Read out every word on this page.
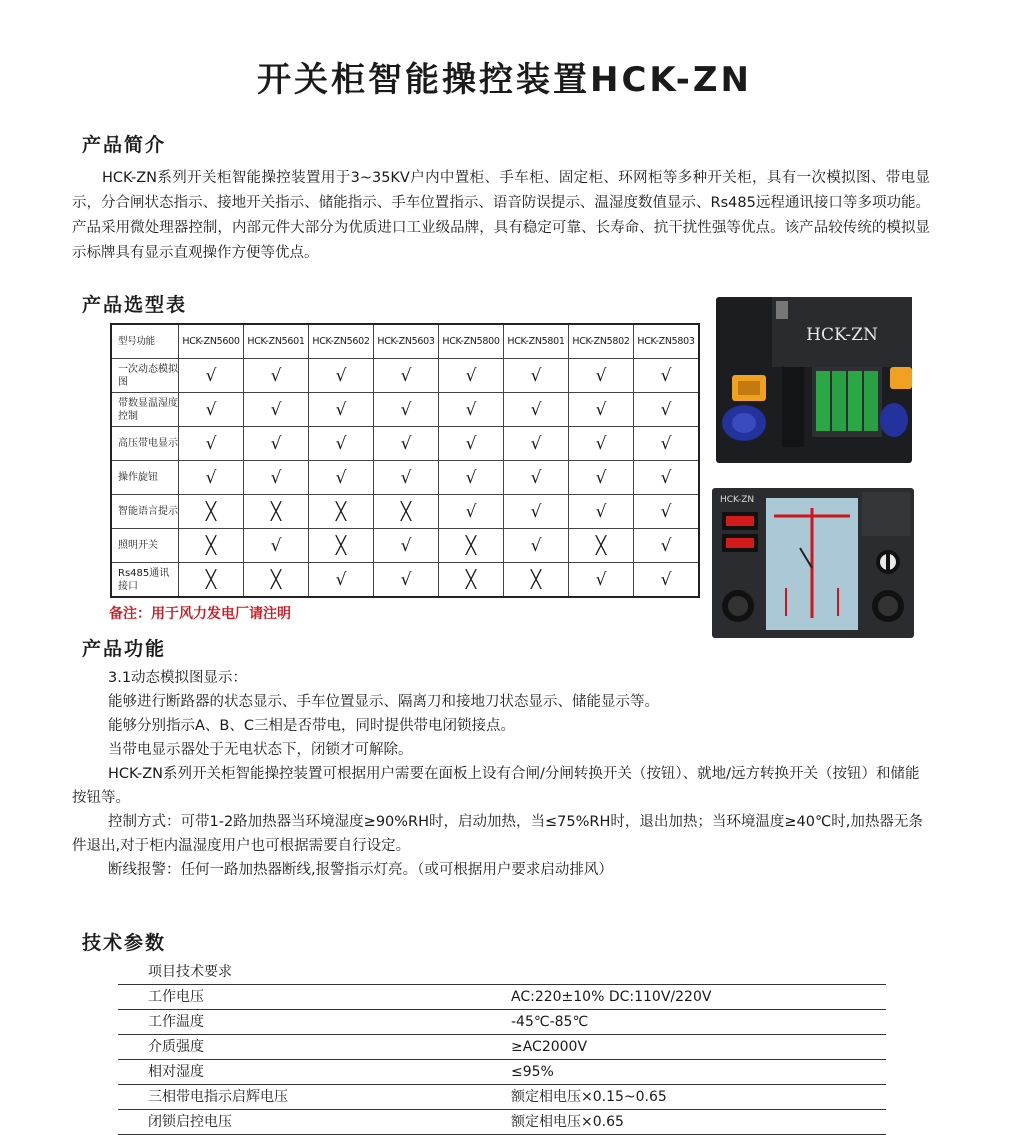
开关柜智能操控装置HCK-ZN
产品简介
HCK-ZN系列开关柜智能操控装置用于3~35KV户内中置柜、手车柜、固定柜、环网柜等多种开关柜，具有一次模拟图、带电显示，分合闸状态指示、接地开关指示、储能指示、手车位置指示、语音防误提示、温湿度数值显示、Rs485远程通讯接口等多项功能。产品采用微处理器控制，内部元件大部分为优质进口工业级品牌，具有稳定可靠、长寿命、抗干扰性强等优点。该产品较传统的模拟显示标牌具有显示直观操作方便等优点。
产品选型表
型号功能	HCK-ZN5600	HCK-ZN5601	HCK-ZN5602	HCK-ZN5603	HCK-ZN5800	HCK-ZN5801	HCK-ZN5802	HCK-ZN5803
一次动态模拟图	√	√	√	√	√	√	√	√
带数显温湿度控制	√	√	√	√	√	√	√	√
高压带电显示	√	√	√	√	√	√	√	√
操作旋钮	√	√	√	√	√	√	√	√
智能语言提示	╳	╳	╳	╳	√	√	√	√
照明开关	╳	√	╳	√	╳	√	╳	√
Rs485通讯接口	╳	╳	√	√	╳	╳	√	√
备注：用于风力发电厂请注明
HCK-ZN
HCK-ZN
产品功能
3.1动态模拟图显示：
能够进行断路器的状态显示、手车位置显示、隔离刀和接地刀状态显示、储能显示等。
能够分别指示A、B、C三相是否带电，同时提供带电闭锁接点。
当带电显示器处于无电状态下，闭锁才可解除。
HCK-ZN系列开关柜智能操控装置可根据用户需要在面板上设有合闸/分闸转换开关（按钮）、就地/远方转换开关（按钮）和储能按钮等。
控制方式：可带1-2路加热器当环境湿度≥90%RH时，启动加热，当≤75%RH时，退出加热；当环境温度≥40℃时,加热器无条件退出,对于柜内温湿度用户也可根据需要自行设定。
断线报警：任何一路加热器断线,报警指示灯亮。（或可根据用户要求启动排风）
技术参数
项目技术要求
工作电压	AC:220±10% DC:110V/220V
工作温度	-45℃-85℃
介质强度	≥AC2000V
相对湿度	≤95%
三相带电指示启辉电压	额定相电压×0.15~0.65
闭锁启控电压	额定相电压×0.65
